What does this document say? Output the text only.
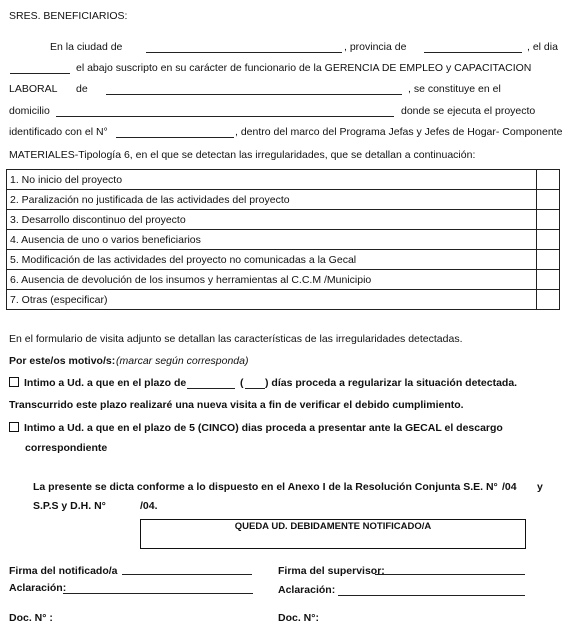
SRES. BENEFICIARIOS:
En la ciudad de	, provincia de	, el dia
el abajo suscripto en su carácter de funcionario de la GERENCIA DE EMPLEO y CAPACITACION
LABORAL de	, se constituye en el
domicilio	donde se ejecuta el proyecto
identificado con el N°	, dentro del marco del Programa Jefas y Jefes de Hogar- Componente
MATERIALES-Tipología 6, en el que se detectan las irregularidades, que se detallan a continuación:
1. No inicio del proyecto	
2. Paralización no justificada de las actividades del proyecto	
3. Desarrollo discontinuo del proyecto	
4. Ausencia de uno o varios beneficiarios	
5. Modificación de las actividades del proyecto no comunicadas a la Gecal	
6. Ausencia de devolución de los insumos y herramientas al C.C.M /Municipio	
7. Otras (especificar)	
En el formulario de visita adjunto se detallan las características de las irregularidades detectadas.
Por este/os motivo/s: (marcar según corresponda)
Intimo a Ud. a que en el plazo de	( ) días proceda a regularizar la situación detectada.
Transcurrido este plazo realizaré una nueva visita a fin de verificar el debido cumplimiento.
Intimo a Ud. a que en el plazo de 5 (CINCO) dias proceda a presentar ante la GECAL el descargo
correspondiente
La presente se dicta conforme a lo dispuesto en el Anexo I de la Resolución Conjunta S.E. N° /04 y
S.P.S y D.H. N°	/04.
QUEDA UD. DEBIDAMENTE NOTIFICADO/A
Firma del notificado/a	Firma del supervisor:
Aclaración:	Aclaración:
Doc. N° :	Doc. N°:
